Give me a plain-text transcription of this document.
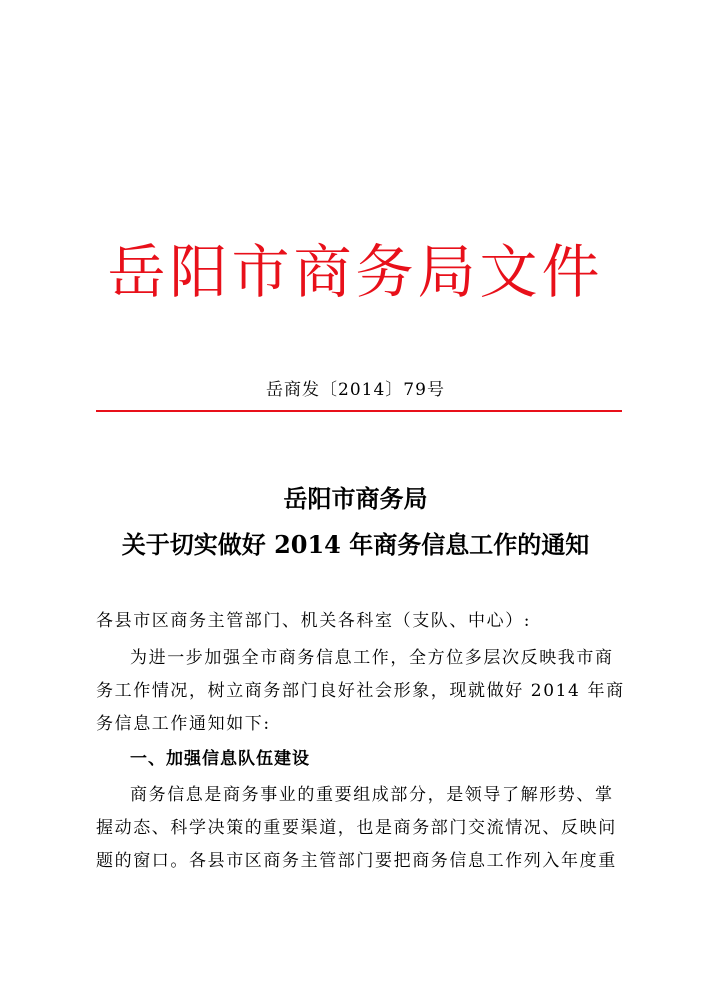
岳阳市商务局文件
岳商发〔2014〕79号
岳阳市商务局
关于切实做好 2014 年商务信息工作的通知
各县市区商务主管部门、机关各科室（支队、中心）:
为进一步加强全市商务信息工作，全方位多层次反映我市商
务工作情况，树立商务部门良好社会形象，现就做好 2014 年商
务信息工作通知如下:
一、加强信息队伍建设
商务信息是商务事业的重要组成部分，是领导了解形势、掌
握动态、科学决策的重要渠道，也是商务部门交流情况、反映问
题的窗口。各县市区商务主管部门要把商务信息工作列入年度重
